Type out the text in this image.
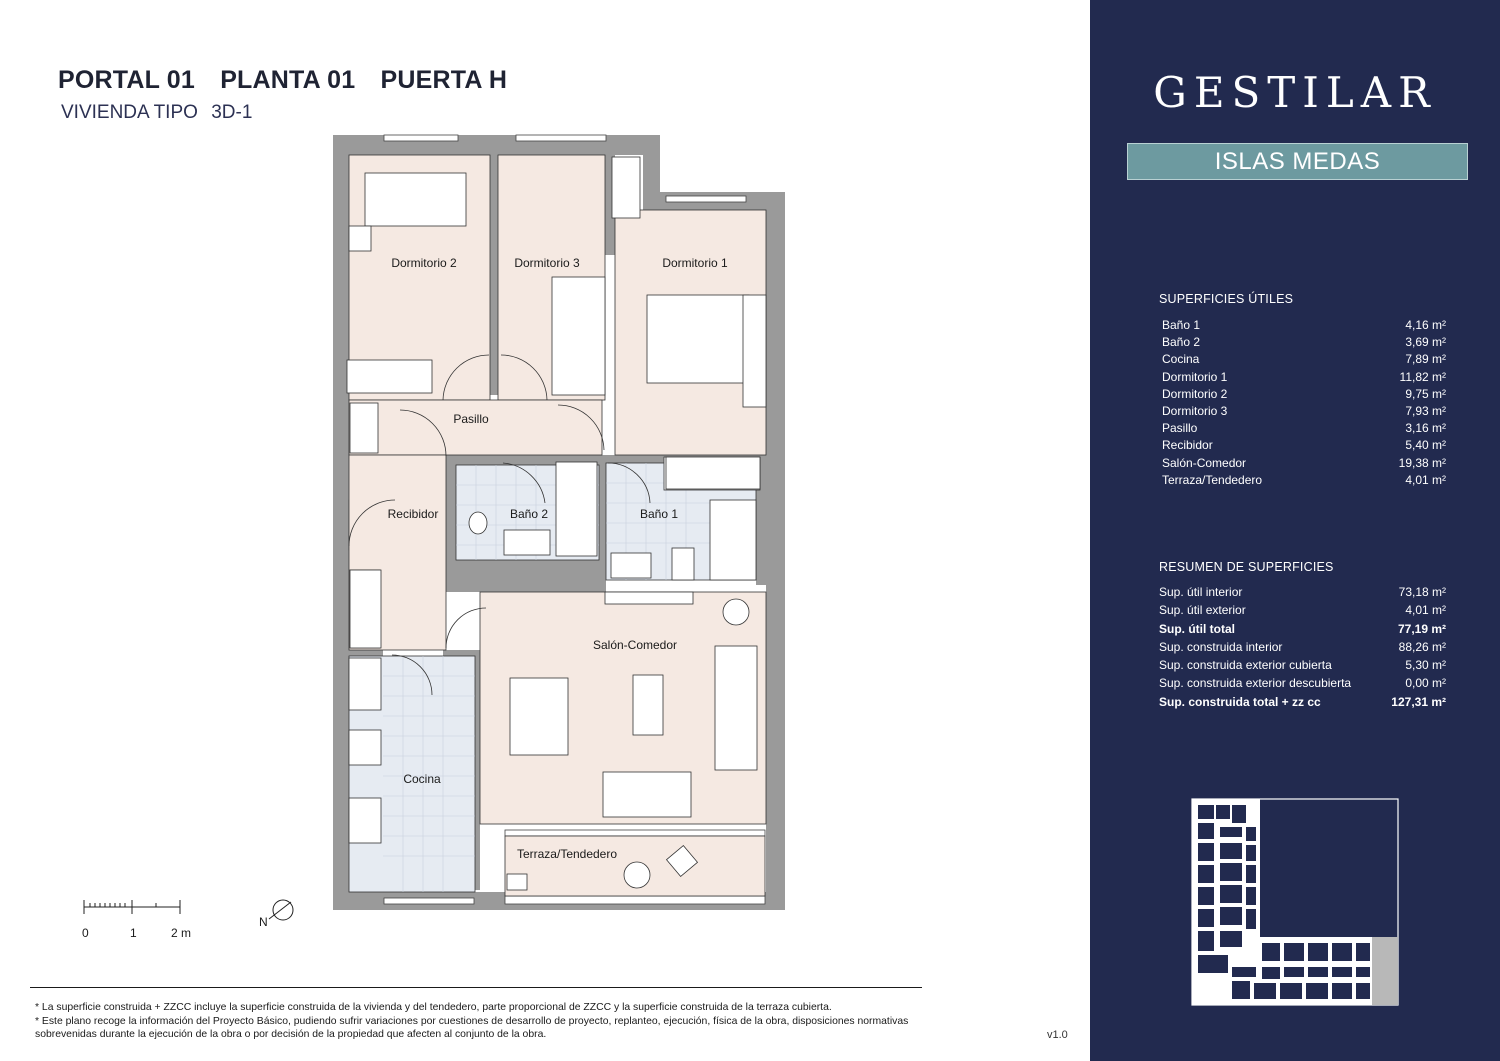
PORTAL 01 PLANTA 01 PUERTA H
VIVIENDA TIPO 3D-1
Dormitorio 2	Dormitorio 3	Dormitorio 1
Pasillo
Recibidor	Baño 2	Baño 1
Salón-Comedor
Cocina
Terraza/Tendedero
0	1	2 m
N
* La superficie construida + ZZCC incluye la superficie construida de la vivienda y del tendedero, parte proporcional de ZZCC y la superficie construida de la terraza cubierta.
* Este plano recoge la información del Proyecto Básico, pudiendo sufrir variaciones por cuestiones de desarrollo de proyecto, replanteo, ejecución, física de la obra, disposiciones normativas sobrevenidas durante la ejecución de la obra o por decisión de la propiedad que afecten al conjunto de la obra.	v1.0
GESTILAR
ISLAS MEDAS
SUPERFICIES ÚTILES
Baño 1	4,16 m²
Baño 2	3,69 m²
Cocina	7,89 m²
Dormitorio 1	11,82 m²
Dormitorio 2	9,75 m²
Dormitorio 3	7,93 m²
Pasillo	3,16 m²
Recibidor	5,40 m²
Salón-Comedor	19,38 m²
Terraza/Tendedero	4,01 m²
RESUMEN DE SUPERFICIES
Sup. útil interior	73,18 m²
Sup. útil exterior	4,01 m²
Sup. útil total	77,19 m²
Sup. construida interior	88,26 m²
Sup. construida exterior cubierta	5,30 m²
Sup. construida exterior descubierta	0,00 m²
Sup. construida total + zz cc	127,31 m²
